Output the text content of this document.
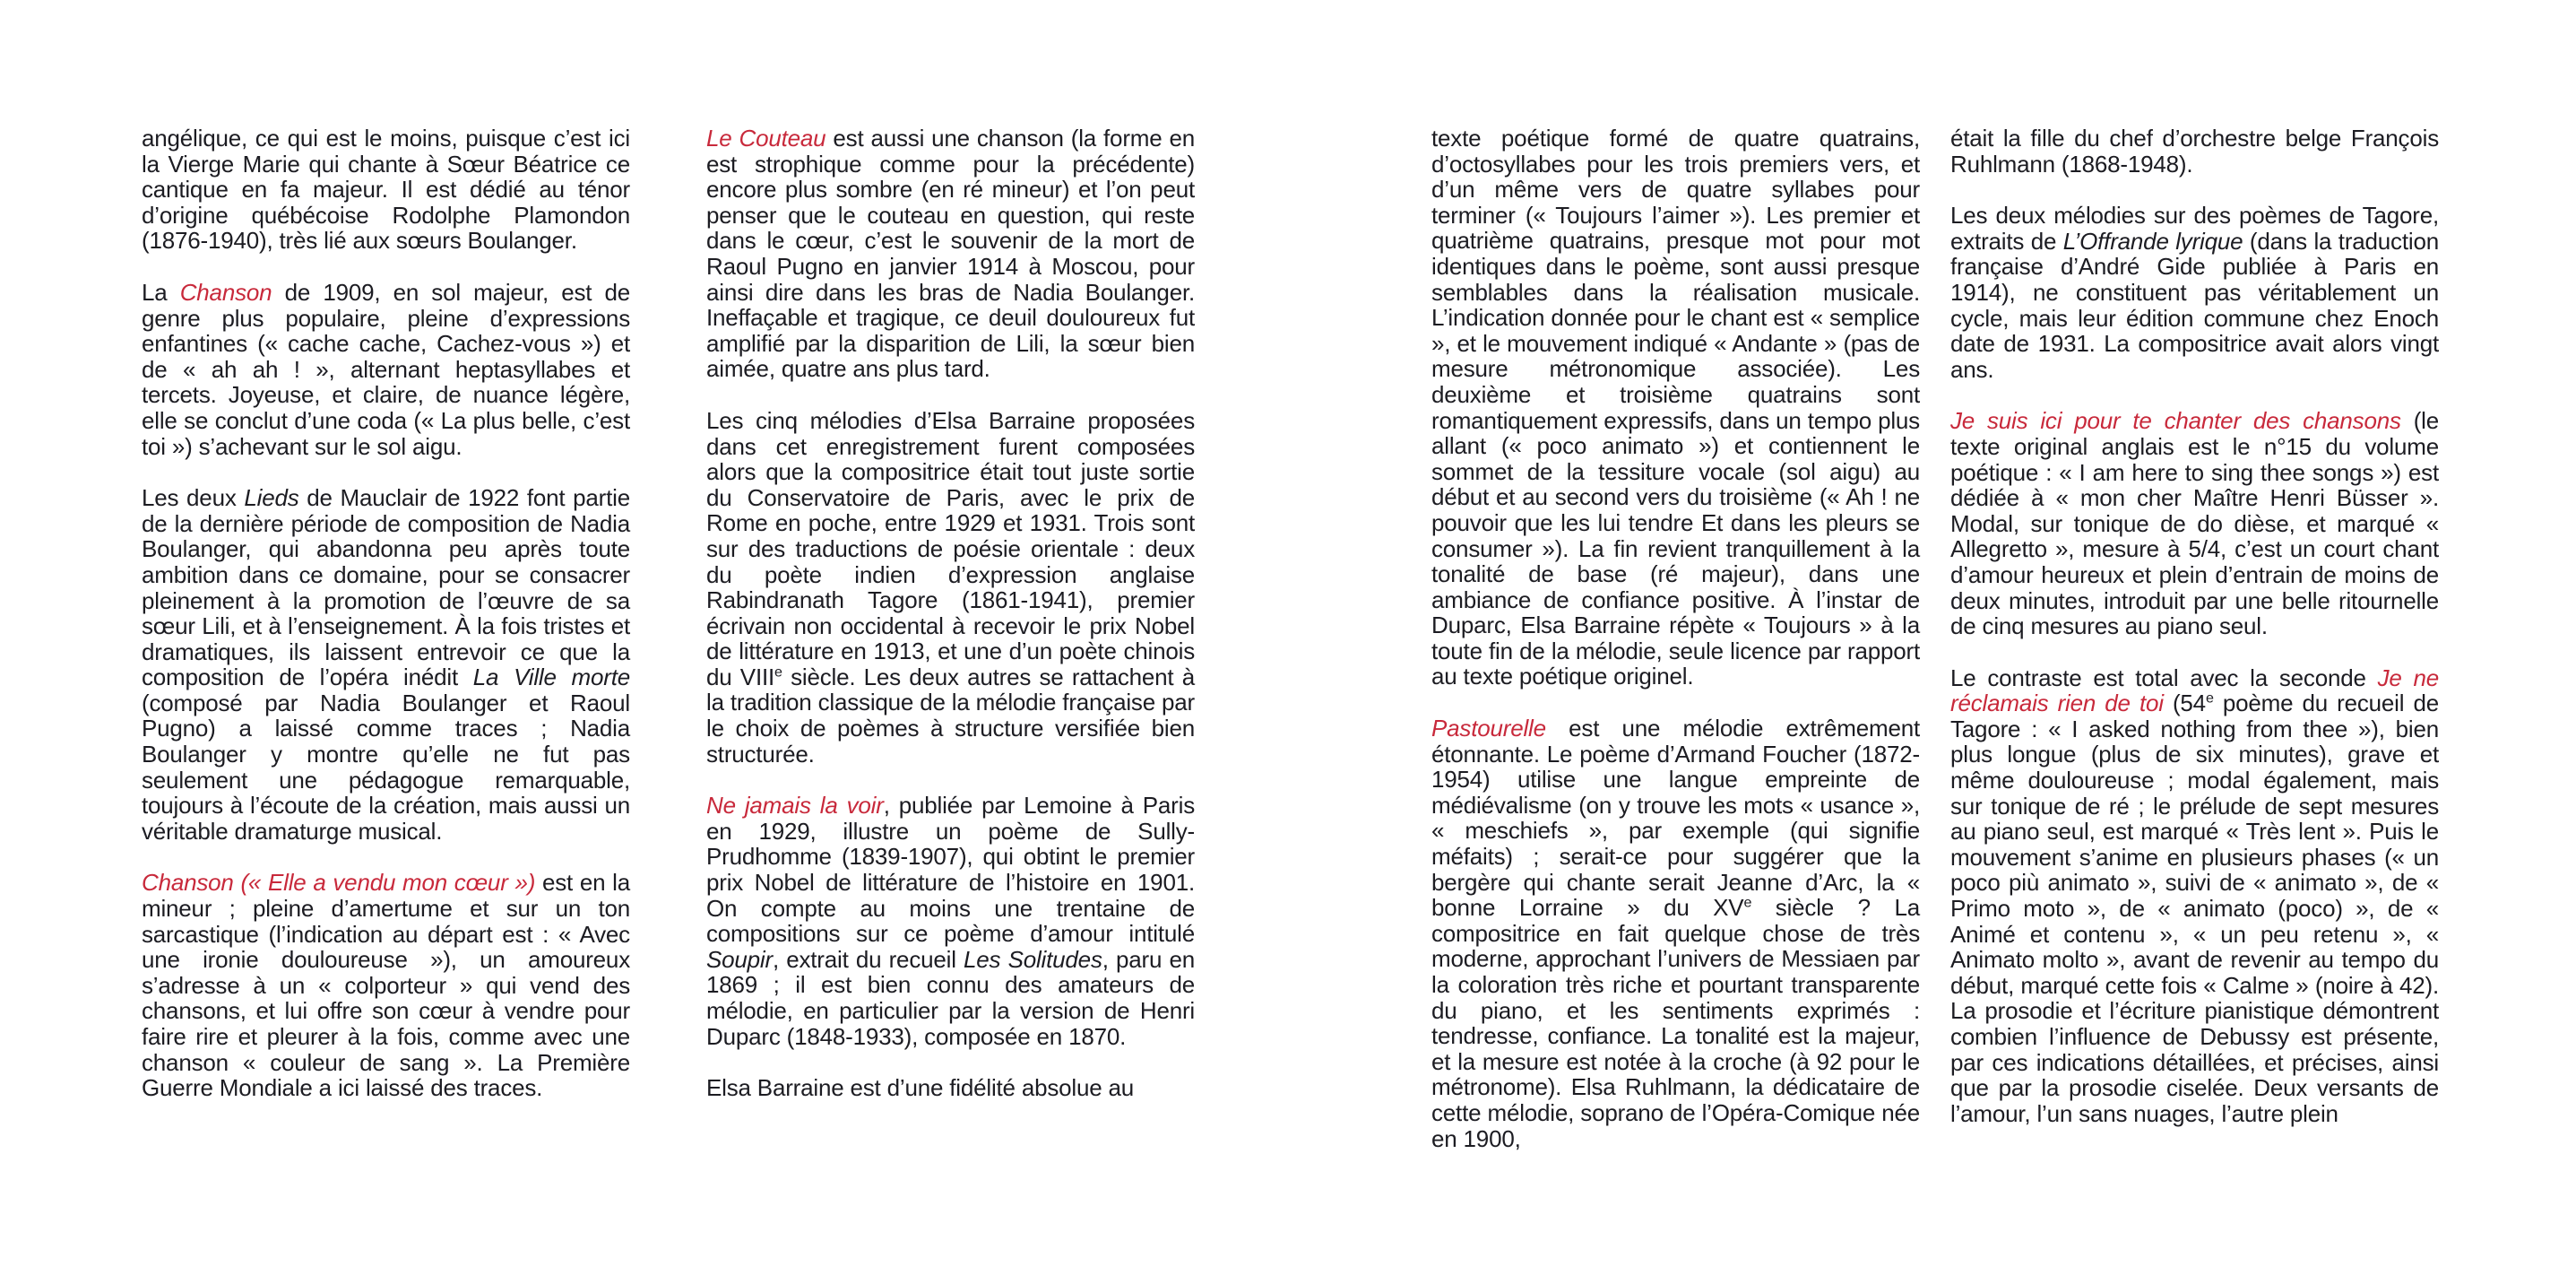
angélique, ce qui est le moins, puisque c’est ici la Vierge Marie qui chante à Sœur Béatrice ce cantique en fa majeur. Il est dédié au ténor d’origine québécoise Rodolphe Plamondon (1876-1940), très lié aux sœurs Boulanger.

La Chanson de 1909, en sol majeur, est de genre plus populaire, pleine d’expressions enfantines (« cache cache, Cachez-vous ») et de « ah ah ! », alternant heptasyllabes et tercets. Joyeuse, et claire, de nuance légère, elle se conclut d’une coda (« La plus belle, c’est toi ») s’achevant sur le sol aigu.

Les deux Lieds de Mauclair de 1922 font partie de la dernière période de composition de Nadia Boulanger, qui abandonna peu après toute ambition dans ce domaine, pour se consacrer pleinement à la promotion de l’œuvre de sa sœur Lili, et à l’enseignement. À la fois tristes et dramatiques, ils laissent entrevoir ce que la composition de l’opéra inédit La Ville morte (composé par Nadia Boulanger et Raoul Pugno) a laissé comme traces ; Nadia Boulanger y montre qu’elle ne fut pas seulement une pédagogue remarquable, toujours à l’écoute de la création, mais aussi un véritable dramaturge musical.

Chanson (« Elle a vendu mon cœur ») est en la mineur ; pleine d’amertume et sur un ton sarcastique (l’indication au départ est : « Avec une ironie douloureuse »), un amoureux s’adresse à un « colporteur » qui vend des chansons, et lui offre son cœur à vendre pour faire rire et pleurer à la fois, comme avec une chanson « couleur de sang ». La Première Guerre Mondiale a ici laissé des traces.

Le Couteau est aussi une chanson (la forme en est strophique comme pour la précédente) encore plus sombre (en ré mineur) et l’on peut penser que le couteau en question, qui reste dans le cœur, c’est le souvenir de la mort de Raoul Pugno en janvier 1914 à Moscou, pour ainsi dire dans les bras de Nadia Boulanger. Ineffaçable et tragique, ce deuil douloureux fut amplifié par la disparition de Lili, la sœur bien aimée, quatre ans plus tard.

Les cinq mélodies d’Elsa Barraine proposées dans cet enregistrement furent composées alors que la compositrice était tout juste sortie du Conservatoire de Paris, avec le prix de Rome en poche, entre 1929 et 1931. Trois sont sur des traductions de poésie orientale : deux du poète indien d’expression anglaise Rabindranath Tagore (1861-1941), premier écrivain non occidental à recevoir le prix Nobel de littérature en 1913, et une d’un poète chinois du VIIIe siècle. Les deux autres se rattachent à la tradition classique de la mélodie française par le choix de poèmes à structure versifiée bien structurée.

Ne jamais la voir, publiée par Lemoine à Paris en 1929, illustre un poème de Sully-Prudhomme (1839-1907), qui obtint le premier prix Nobel de littérature de l’histoire en 1901. On compte au moins une trentaine de compositions sur ce poème d’amour intitulé Soupir, extrait du recueil Les Solitudes, paru en 1869 ; il est bien connu des amateurs de mélodie, en particulier par la version de Henri Duparc (1848-1933), composée en 1870.

Elsa Barraine est d’une fidélité absolue au

texte poétique formé de quatre quatrains, d’octosyllabes pour les trois premiers vers, et d’un même vers de quatre syllabes pour terminer (« Toujours l’aimer »). Les premier et quatrième quatrains, presque mot pour mot identiques dans le poème, sont aussi presque semblables dans la réalisation musicale. L’indication donnée pour le chant est « semplice », et le mouvement indiqué « Andante » (pas de mesure métronomique associée). Les deuxième et troisième quatrains sont romantiquement expressifs, dans un tempo plus allant (« poco animato ») et contiennent le sommet de la tessiture vocale (sol aigu) au début et au second vers du troisième (« Ah ! ne pouvoir que les lui tendre Et dans les pleurs se consumer »). La fin revient tranquillement à la tonalité de base (ré majeur), dans une ambiance de confiance positive. À l’instar de Duparc, Elsa Barraine répète « Toujours » à la toute fin de la mélodie, seule licence par rapport au texte poétique originel.

Pastourelle est une mélodie extrêmement étonnante. Le poème d’Armand Foucher (1872-1954) utilise une langue empreinte de médiévalisme (on y trouve les mots « usance », « meschiefs », par exemple (qui signifie méfaits) ; serait-ce pour suggérer que la bergère qui chante serait Jeanne d’Arc, la « bonne Lorraine » du XVe siècle ? La compositrice en fait quelque chose de très moderne, approchant l’univers de Messiaen par la coloration très riche et pourtant transparente du piano, et les sentiments exprimés : tendresse, confiance. La tonalité est la majeur, et la mesure est notée à la croche (à 92 pour le métronome). Elsa Ruhlmann, la dédicataire de cette mélodie, soprano de l’Opéra-Comique née en 1900,

était la fille du chef d’orchestre belge François Ruhlmann (1868-1948).

Les deux mélodies sur des poèmes de Tagore, extraits de L’Offrande lyrique (dans la traduction française d’André Gide publiée à Paris en 1914), ne constituent pas véritablement un cycle, mais leur édition commune chez Enoch date de 1931. La compositrice avait alors vingt ans.

Je suis ici pour te chanter des chansons (le texte original anglais est le n°15 du volume poétique : « I am here to sing thee songs ») est dédiée à « mon cher Maître Henri Büsser ». Modal, sur tonique de do dièse, et marqué « Allegretto », mesure à 5/4, c’est un court chant d’amour heureux et plein d’entrain de moins de deux minutes, introduit par une belle ritournelle de cinq mesures au piano seul.

Le contraste est total avec la seconde Je ne réclamais rien de toi (54e poème du recueil de Tagore : « I asked nothing from thee »), bien plus longue (plus de six minutes), grave et même douloureuse ; modal également, mais sur tonique de ré ; le prélude de sept mesures au piano seul, est marqué « Très lent ». Puis le mouvement s’anime en plusieurs phases (« un poco più animato », suivi de « animato », de « Primo moto », de « animato (poco) », de « Animé et contenu », « un peu retenu », « Animato molto », avant de revenir au tempo du début, marqué cette fois « Calme » (noire à 42). La prosodie et l’écriture pianistique démontrent combien l’influence de Debussy est présente, par ces indications détaillées, et précises, ainsi que par la prosodie ciselée. Deux versants de l’amour, l’un sans nuages, l’autre plein
